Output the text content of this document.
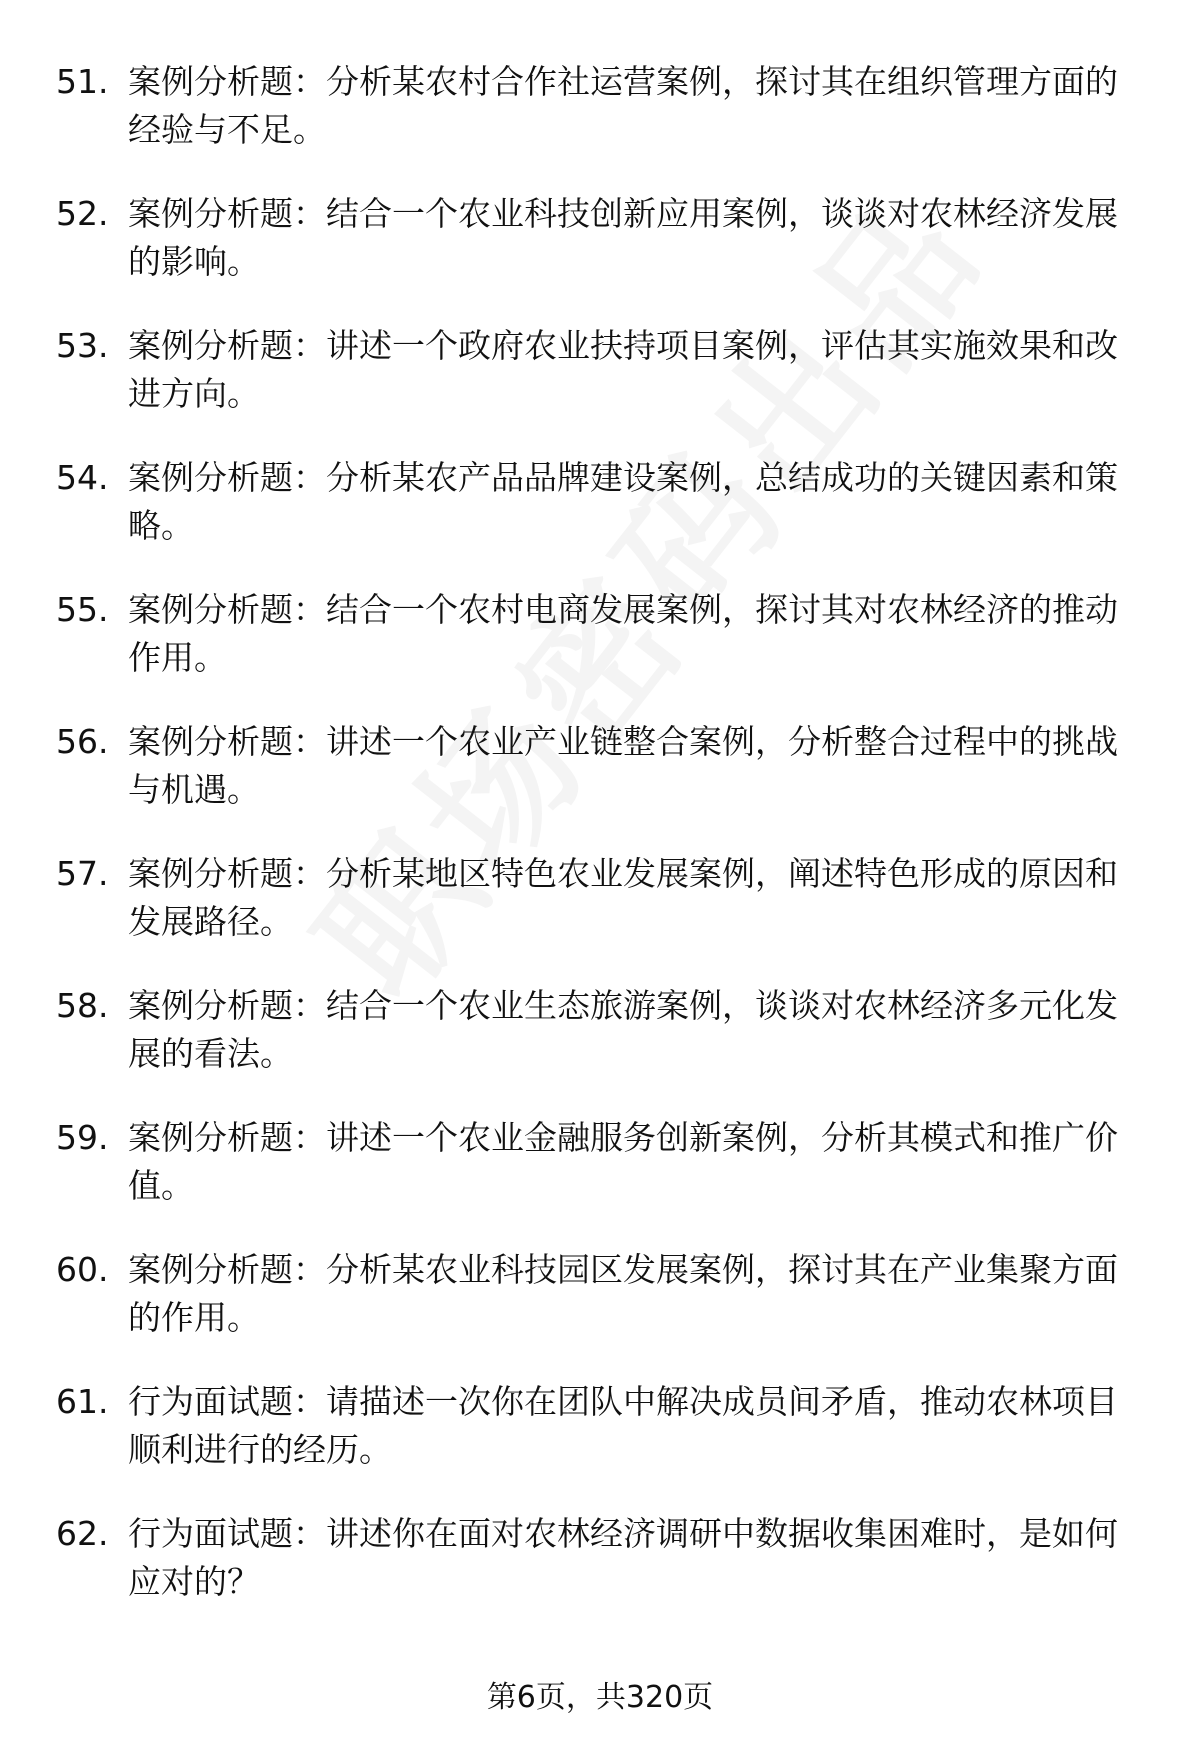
51. 案例分析题：分析某农村合作社运营案例，探讨其在组织管理方面的经验与不足。
52. 案例分析题：结合一个农业科技创新应用案例，谈谈对农林经济发展的影响。
53. 案例分析题：讲述一个政府农业扶持项目案例，评估其实施效果和改进方向。
54. 案例分析题：分析某农产品品牌建设案例，总结成功的关键因素和策略。
55. 案例分析题：结合一个农村电商发展案例，探讨其对农林经济的推动作用。
56. 案例分析题：讲述一个农业产业链整合案例，分析整合过程中的挑战与机遇。
57. 案例分析题：分析某地区特色农业发展案例，阐述特色形成的原因和发展路径。
58. 案例分析题：结合一个农业生态旅游案例，谈谈对农林经济多元化发展的看法。
59. 案例分析题：讲述一个农业金融服务创新案例，分析其模式和推广价值。
60. 案例分析题：分析某农业科技园区发展案例，探讨其在产业集聚方面的作用。
61. 行为面试题：请描述一次你在团队中解决成员间矛盾，推动农林项目顺利进行的经历。
62. 行为面试题：讲述你在面对农林经济调研中数据收集困难时，是如何应对的？
第6页，共320页
